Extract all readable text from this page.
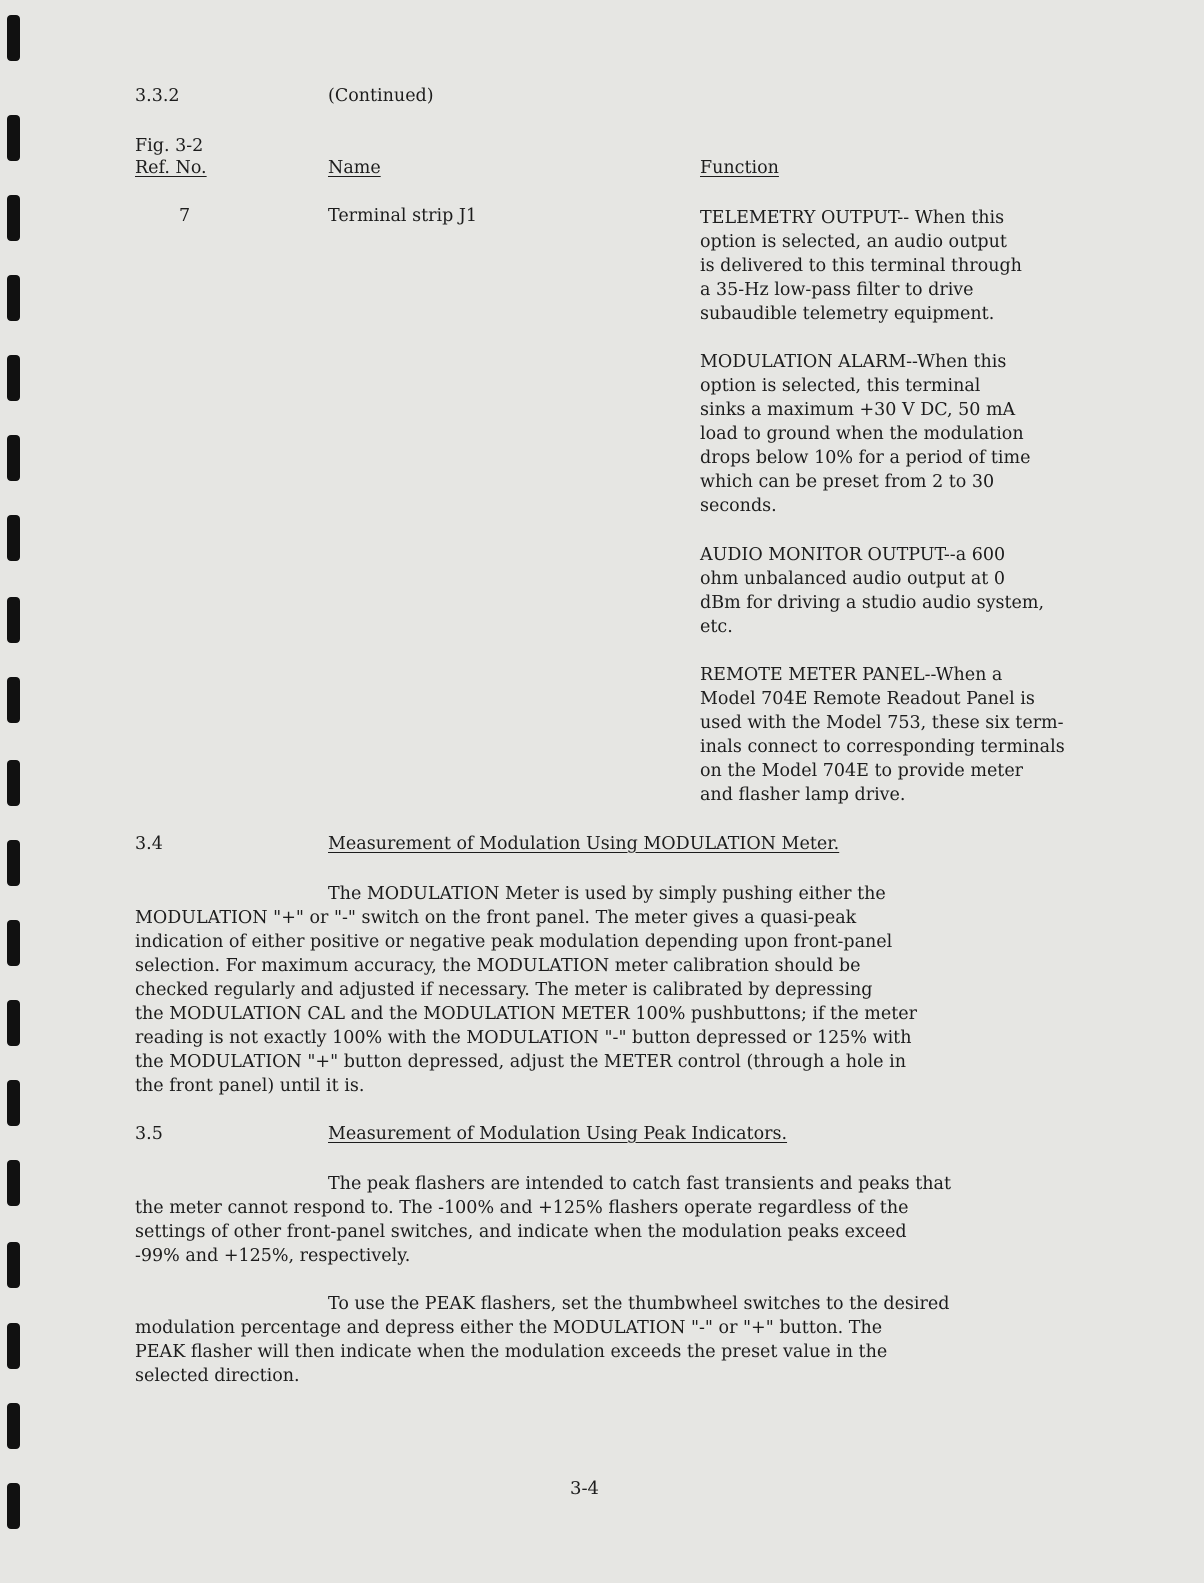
3.3.2	(Continued)
Fig. 3-2
Ref. No.	Name	Function
7	Terminal strip J1	TELEMETRY OUTPUT-- When this
option is selected, an audio output
is delivered to this terminal through
a 35-Hz low-pass filter to drive
subaudible telemetry equipment.
MODULATION ALARM--When this
option is selected, this terminal
sinks a maximum +30 V DC, 50 mA
load to ground when the modulation
drops below 10% for a period of time
which can be preset from 2 to 30
seconds.
AUDIO MONITOR OUTPUT--a 600
ohm unbalanced audio output at 0
dBm for driving a studio audio system,
etc.
REMOTE METER PANEL--When a
Model 704E Remote Readout Panel is
used with the Model 753, these six term-
inals connect to corresponding terminals
on the Model 704E to provide meter
and flasher lamp drive.
3.4	Measurement of Modulation Using MODULATION Meter.
The MODULATION Meter is used by simply pushing either the
MODULATION "+" or "-" switch on the front panel. The meter gives a quasi-peak
indication of either positive or negative peak modulation depending upon front-panel
selection. For maximum accuracy, the MODULATION meter calibration should be
checked regularly and adjusted if necessary. The meter is calibrated by depressing
the MODULATION CAL and the MODULATION METER 100% pushbuttons; if the meter
reading is not exactly 100% with the MODULATION "-" button depressed or 125% with
the MODULATION "+" button depressed, adjust the METER control (through a hole in
the front panel) until it is.
3.5	Measurement of Modulation Using Peak Indicators.
The peak flashers are intended to catch fast transients and peaks that
the meter cannot respond to. The -100% and +125% flashers operate regardless of the
settings of other front-panel switches, and indicate when the modulation peaks exceed
-99% and +125%, respectively.
To use the PEAK flashers, set the thumbwheel switches to the desired
modulation percentage and depress either the MODULATION "-" or "+" button. The
PEAK flasher will then indicate when the modulation exceeds the preset value in the
selected direction.
3-4
